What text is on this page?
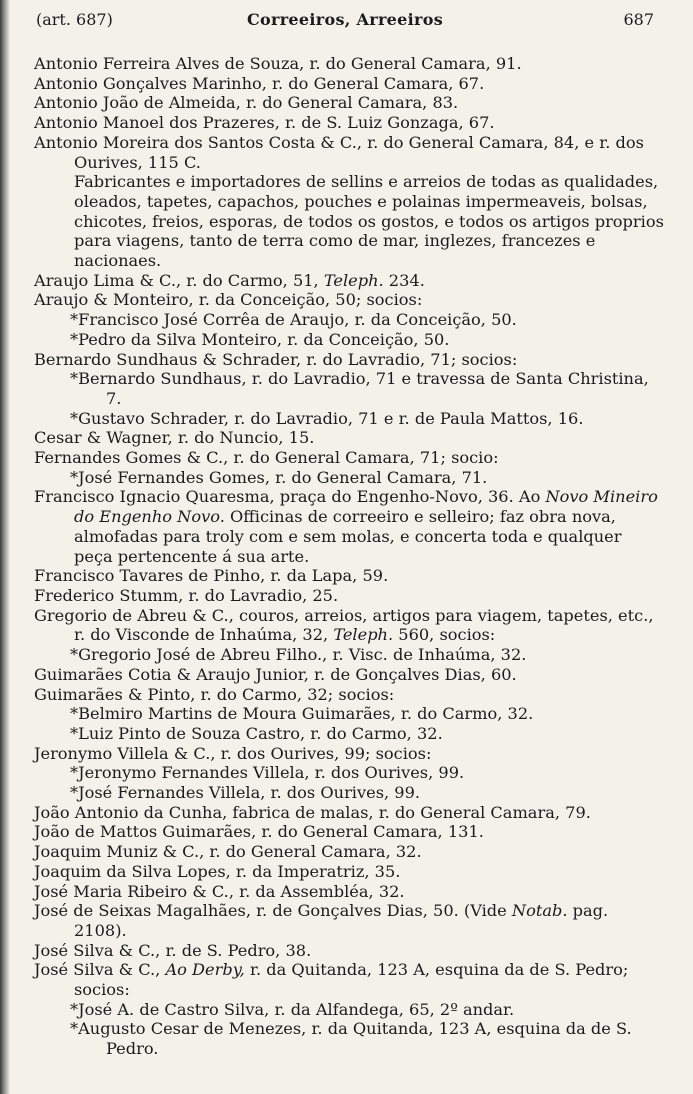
(art. 687)	Correeiros, Arreeiros	687

Antonio Ferreira Alves de Souza, r. do General Camara, 91.

Antonio Gonçalves Marinho, r. do General Camara, 67.

Antonio João de Almeida, r. do General Camara, 83.

Antonio Manoel dos Prazeres, r. de S. Luiz Gonzaga, 67.

Antonio Moreira dos Santos Costa & C., r. do General Camara, 84, e r. dos Ourives, 115 C.

Fabricantes e importadores de sellins e arreios de todas as qualidades, oleados, tapetes, capachos, pouches e polainas impermeaveis, bolsas, chicotes, freios, esporas, de todos os gostos, e todos os artigos proprios para viagens, tanto de terra como de mar, inglezes, francezes e nacionaes.

Araujo Lima & C., r. do Carmo, 51, Teleph. 234.

Araujo & Monteiro, r. da Conceição, 50; socios:

*Francisco José Corrêa de Araujo, r. da Conceição, 50.

*Pedro da Silva Monteiro, r. da Conceição, 50.

Bernardo Sundhaus & Schrader, r. do Lavradio, 71; socios:

*Bernardo Sundhaus, r. do Lavradio, 71 e travessa de Santa Christina, 7.

*Gustavo Schrader, r. do Lavradio, 71 e r. de Paula Mattos, 16.

Cesar & Wagner, r. do Nuncio, 15.

Fernandes Gomes & C., r. do General Camara, 71; socio:

*José Fernandes Gomes, r. do General Camara, 71.

Francisco Ignacio Quaresma, praça do Engenho-Novo, 36. Ao Novo Mineiro do Engenho Novo. Officinas de correeiro e selleiro; faz obra nova, almofadas para troly com e sem molas, e concerta toda e qualquer peça pertencente á sua arte.

Francisco Tavares de Pinho, r. da Lapa, 59.

Frederico Stumm, r. do Lavradio, 25.

Gregorio de Abreu & C., couros, arreios, artigos para viagem, tapetes, etc., r. do Visconde de Inhaúma, 32, Teleph. 560, socios:

*Gregorio José de Abreu Filho., r. Visc. de Inhaúma, 32.

Guimarães Cotia & Araujo Junior, r. de Gonçalves Dias, 60.

Guimarães & Pinto, r. do Carmo, 32; socios:

*Belmiro Martins de Moura Guimarães, r. do Carmo, 32.

*Luiz Pinto de Souza Castro, r. do Carmo, 32.

Jeronymo Villela & C., r. dos Ourives, 99; socios:

*Jeronymo Fernandes Villela, r. dos Ourives, 99.

*José Fernandes Villela, r. dos Ourives, 99.

João Antonio da Cunha, fabrica de malas, r. do General Camara, 79.

João de Mattos Guimarães, r. do General Camara, 131.

Joaquim Muniz & C., r. do General Camara, 32.

Joaquim da Silva Lopes, r. da Imperatriz, 35.

José Maria Ribeiro & C., r. da Assembléa, 32.

José de Seixas Magalhães, r. de Gonçalves Dias, 50. (Vide Notab. pag. 2108).

José Silva & C., r. de S. Pedro, 38.

José Silva & C., Ao Derby, r. da Quitanda, 123 A, esquina da de S. Pedro; socios:

*José A. de Castro Silva, r. da Alfandega, 65, 2º andar.

*Augusto Cesar de Menezes, r. da Quitanda, 123 A, esquina da de S. Pedro.
